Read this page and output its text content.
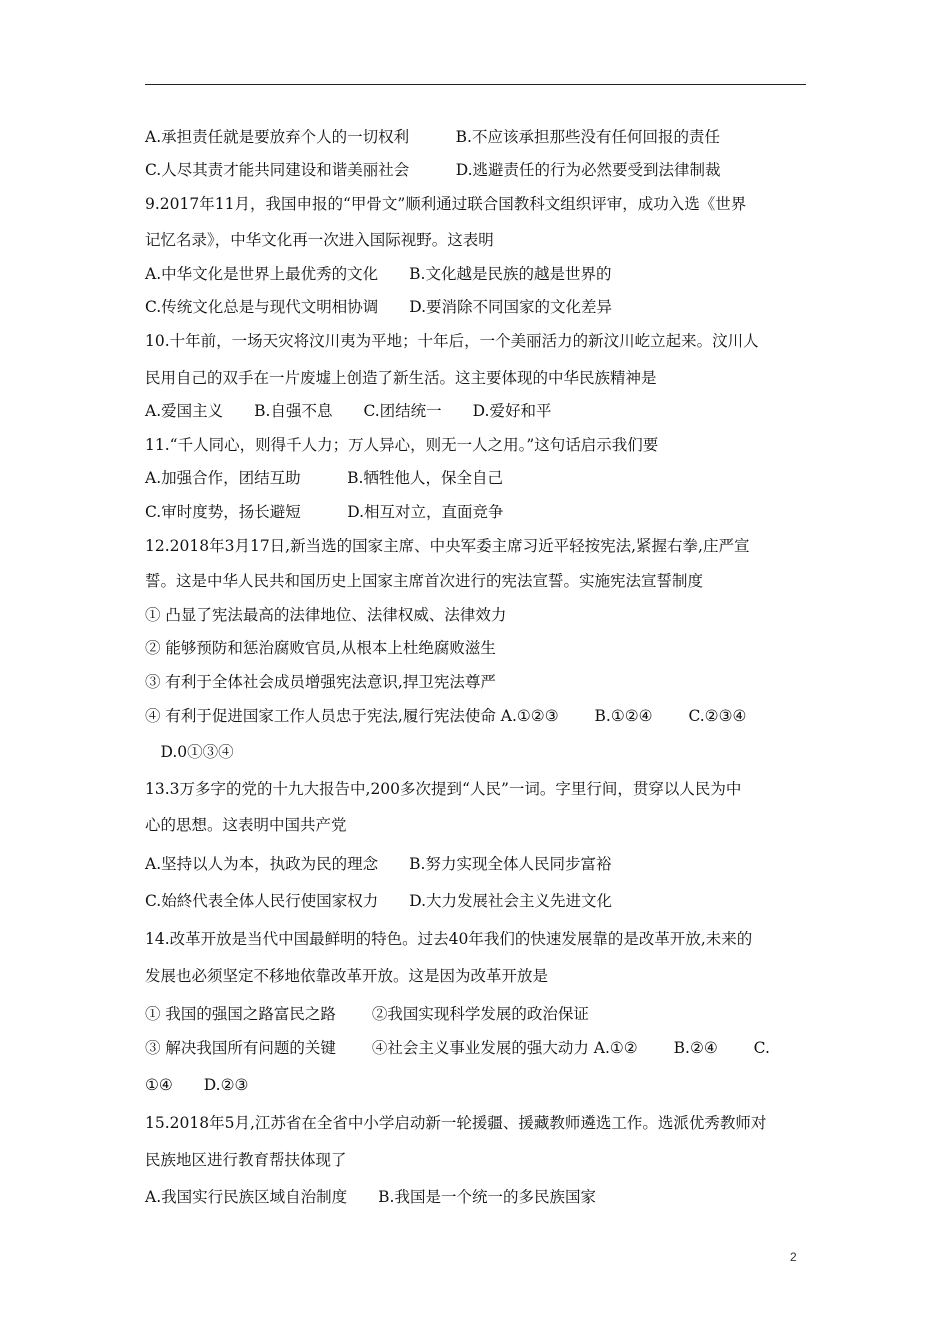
A.承担责任就是要放弃个人的一切权利　　　B.不应该承担那些没有任何回报的责任

C.人尽其责才能共同建设和谐美丽社会　　　D.逃避责任的行为必然要受到法律制裁

9.2017年11月，我国申报的“甲骨文”顺利通过联合国教科文组织评审，成功入选《世界

记忆名录》，中华文化再一次进入国际视野。这表明

A.中华文化是世界上最优秀的文化　　B.文化越是民族的越是世界的

C.传统文化总是与现代文明相协调　　D.要消除不同国家的文化差异

10.十年前，一场天灾将汶川夷为平地；十年后，一个美丽活力的新汶川屹立起来。汶川人

民用自己的双手在一片废墟上创造了新生活。这主要体现的中华民族精神是

A.爱国主义　　B.自强不息　　C.团结统一　　D.爱好和平

11.“千人同心，则得千人力；万人异心，则无一人之用。”这句话启示我们要

A.加强合作，团结互助　　　B.牺牲他人，保全自己

C.审时度势，扬长避短　　　D.相互对立，直面竞争

12.2018年3月17日,新当选的国家主席、中央军委主席习近平轻按宪法,紧握右拳,庄严宣

誓。这是中华人民共和国历史上国家主席首次进行的宪法宣誓。实施宪法宣誓制度

① 凸显了宪法最高的法律地位、法律权威、法律效力

② 能够预防和惩治腐败官员,从根本上杜绝腐败滋生

③ 有利于全体社会成员增强宪法意识,捍卫宪法尊严

④ 有利于促进国家工作人员忠于宪法,履行宪法使命 A.①②③　　 B.①②④　　 C.②③④

　D.0①③④

13.3万多字的党的十九大报告中,200多次提到“人民”一词。字里行间，贯穿以人民为中

心的思想。这表明中国共产党

A.坚持以人为本，执政为民的理念　　B.努力实现全体人民同步富裕

C.始終代表全体人民行使国家权力　　D.大力发展社会主义先进文化

14.改革开放是当代中国最鲜明的特色。过去40年我们的快速发展靠的是改革开放,未来的

发展也必须坚定不移地依靠改革开放。这是因为改革开放是

① 我国的强国之路富民之路　　 ②我国实现科学发展的政治保证

③ 解决我国所有问题的关键　　 ④社会主义事业发展的强大动力 A.①②　　 B.②④　　 C.

①④　　D.②③

15.2018年5月,江苏省在全省中小学启动新一轮援疆、援藏教师遴选工作。选派优秀教师对

民族地区进行教育帮扶体现了

A.我国实行民族区域自治制度　　B.我国是一个统一的多民族国家

2
